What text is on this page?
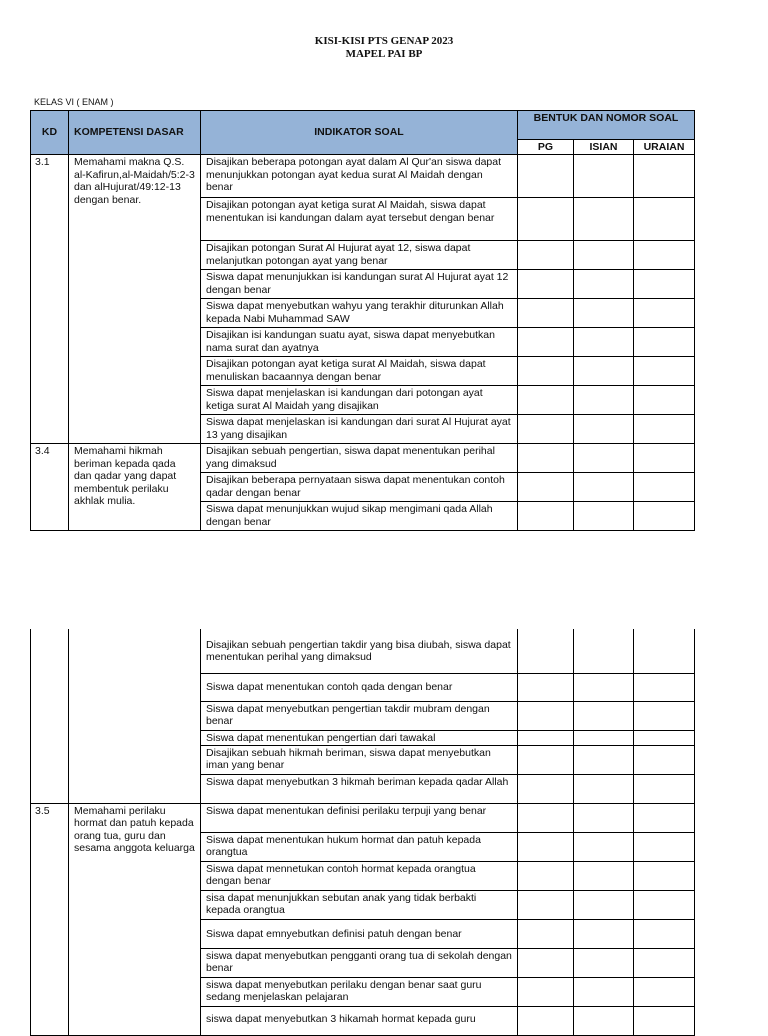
KISI-KISI PTS GENAP 2023
MAPEL PAI BP
KELAS VI ( ENAM )
KD	KOMPETENSI DASAR	INDIKATOR SOAL	BENTUK DAN NOMOR SOAL		
			PG	ISIAN	URAIAN
3.1	Memahami makna Q.S. al-Kafirun,al-Maidah/5:2-3 dan alHujurat/49:12-13 dengan benar.	Disajikan beberapa potongan ayat dalam Al Qur'an siswa dapat menunjukkan potongan ayat kedua surat Al Maidah dengan benar			
		Disajikan potongan ayat ketiga surat Al Maidah, siswa dapat menentukan isi kandungan dalam ayat tersebut dengan benar			
		Disajikan potongan Surat Al Hujurat ayat 12, siswa dapat melanjutkan potongan ayat yang benar			
		Siswa dapat menunjukkan isi kandungan surat Al Hujurat ayat 12 dengan benar			
		Siswa dapat menyebutkan wahyu yang terakhir diturunkan Allah kepada Nabi Muhammad SAW			
		Disajikan isi kandungan suatu ayat, siswa dapat menyebutkan nama surat dan ayatnya			
		Disajikan potongan ayat ketiga surat Al Maidah, siswa dapat menuliskan bacaannya dengan benar			
		Siswa dapat menjelaskan isi kandungan dari potongan ayat ketiga surat Al Maidah yang disajikan			
		Siswa dapat menjelaskan isi kandungan dari surat Al Hujurat ayat 13 yang disajikan			
3.4	Memahami hikmah beriman kepada qada dan qadar yang dapat membentuk perilaku akhlak mulia.	Disajikan sebuah pengertian, siswa dapat menentukan perihal yang dimaksud			
		Disajikan beberapa pernyataan siswa dapat menentukan contoh qadar dengan benar			
		Siswa dapat menunjukkan wujud sikap mengimani qada Allah dengan benar			
		Disajikan sebuah pengertian takdir yang bisa diubah, siswa dapat menentukan perihal yang dimaksud			
		Siswa dapat menentukan contoh qada dengan benar			
		Siswa dapat menyebutkan pengertian takdir mubram dengan benar			
		Siswa dapat menentukan pengertian dari tawakal			
		Disajikan sebuah hikmah beriman, siswa dapat menyebutkan iman yang benar			
		Siswa dapat menyebutkan 3 hikmah beriman kepada qadar Allah			
3.5	Memahami perilaku hormat dan patuh kepada orang tua, guru dan sesama anggota keluarga	Siswa dapat menentukan definisi perilaku terpuji yang benar			
		Siswa dapat menentukan hukum hormat dan patuh kepada orangtua			
		Siswa dapat mennetukan contoh hormat kepada orangtua dengan benar			
		sisa dapat menunjukkan sebutan anak yang tidak berbakti kepada orangtua			
		Siswa dapat emnyebutkan definisi patuh dengan benar			
		siswa dapat menyebutkan pengganti orang tua di sekolah dengan benar			
		siswa dapat menyebutkan perilaku dengan benar saat guru sedang menjelaskan pelajaran			
		siswa dapat menyebutkan 3 hikamah hormat kepada guru			
